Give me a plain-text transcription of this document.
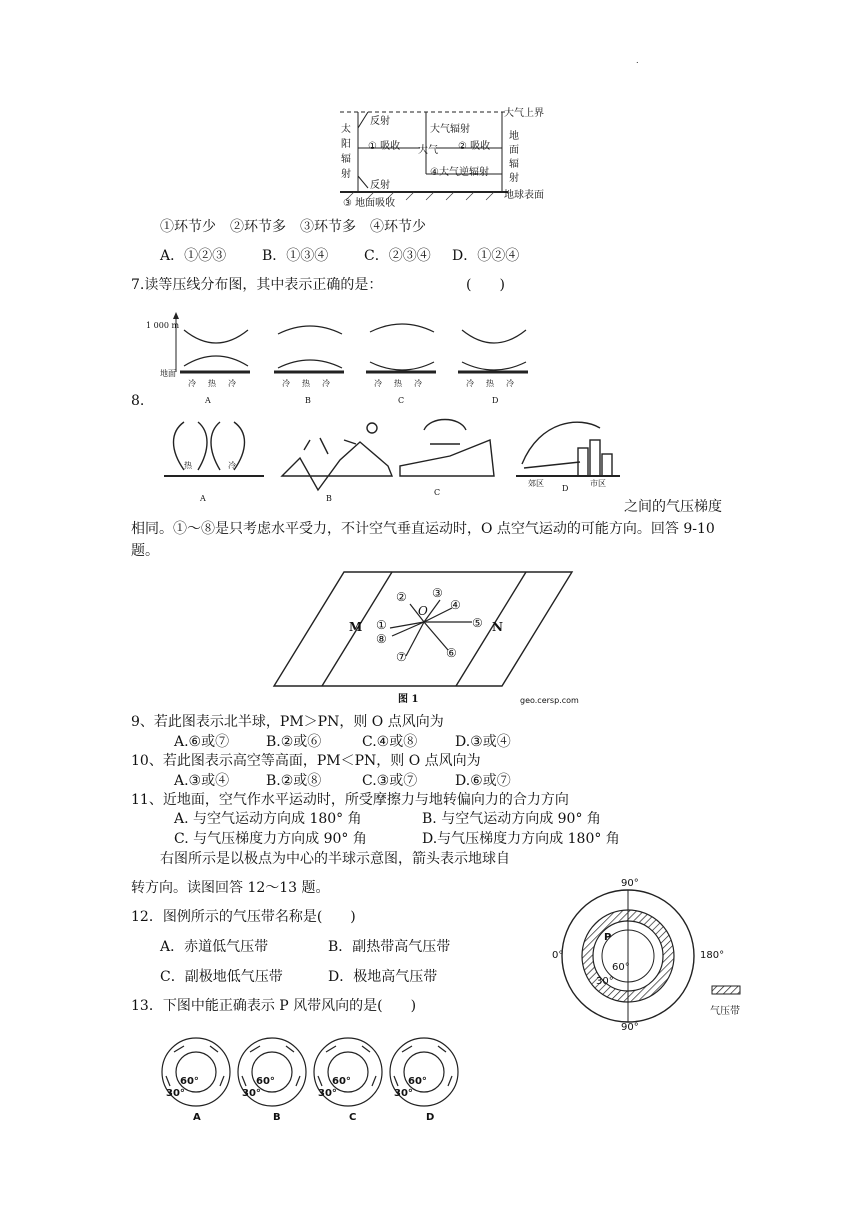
.
大气上界
地球表面
太阳辐射
地面辐射
反射
反射
大气辐射
① 吸收 大气 ② 吸收
④大气逆辐射
③ 地面吸收
①环节少　②环节多　③环节多　④环节少
A．①②③	B．①③④	C．②③④ D．①②④
7.读等压线分布图，其中表示正确的是：	(　　)
1 000 m
地面
冷 热 冷
A
冷 热 冷
B
冷 热 冷
C
冷 热 冷
D
8.
热	冷
A	B
C
郊区
D
市区
之间的气压梯度
相同。①～⑧是只考虑水平受力，不计空气垂直运动时，O 点空气运动的可能方向。回答 9-10
题。
M	N
O
①
② ③
④
⑤
⑥
⑦
⑧
图 1	geo.cersp.com
9、若此图表示北半球，PM＞PN，则 O 点风向为
A.⑥或⑦	B.②或⑥	C.④或⑧	D.③或④
10、若此图表示高空等高面，PM＜PN，则 O 点风向为
A.③或④	B.②或⑧	C.③或⑦	D.⑥或⑦
11、近地面，空气作水平运动时，所受摩擦力与地转偏向力的合力方向
A. 与空气运动方向成 180° 角	B. 与空气运动方向成 90° 角
C. 与气压梯度力方向成 90° 角	D.与气压梯度力方向成 180° 角
右图所示是以极点为中心的半球示意图，箭头表示地球自
转方向。读图回答 12～13 题。
12．图例所示的气压带名称是(　　)
A．赤道低气压带	B．副热带高气压带
C．副极地低气压带	D．极地高气压带
13．下图中能正确表示 P 风带风向的是(　　)
90°
90°
0°	180°
P
60°
30°
气压带
60°
30°
A
60°
30°
B
60°
30°
C
60°
30°
D
